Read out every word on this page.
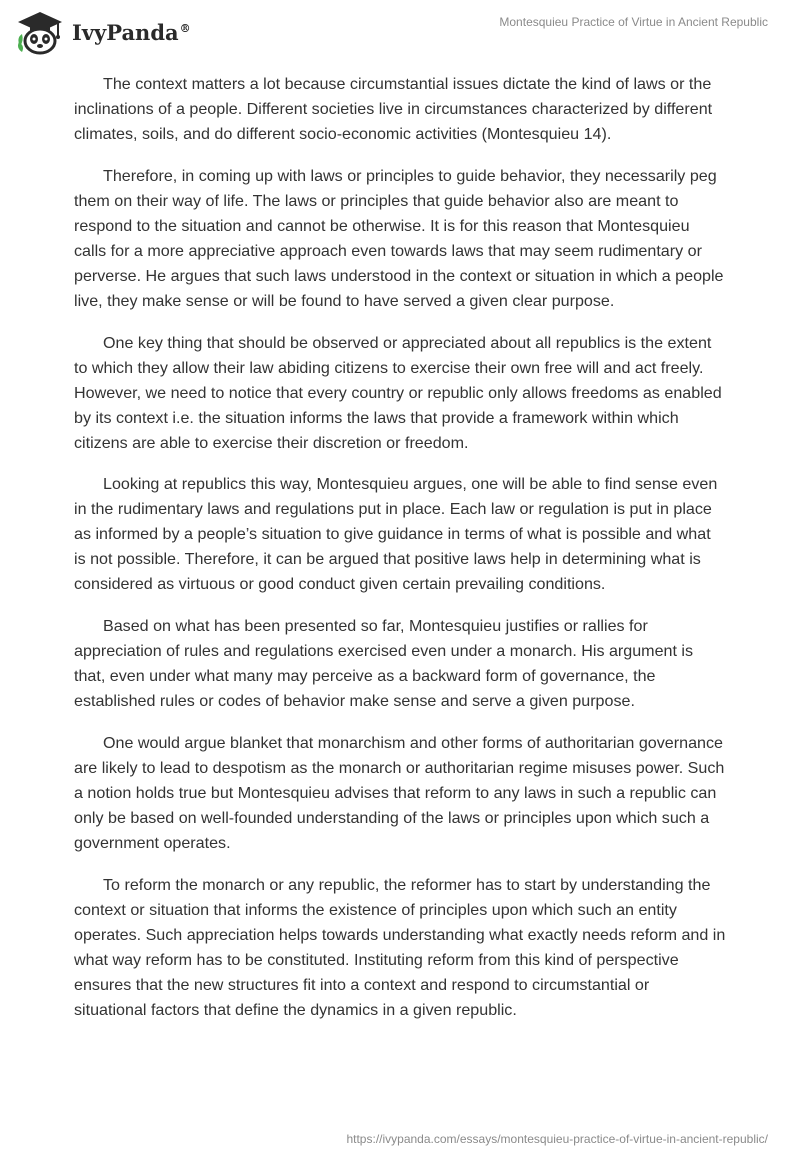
IvyPanda®	Montesquieu Practice of Virtue in Ancient Republic

The context matters a lot because circumstantial issues dictate the kind of laws or the inclinations of a people. Different societies live in circumstances characterized by different climates, soils, and do different socio-economic activities (Montesquieu 14).

Therefore, in coming up with laws or principles to guide behavior, they necessarily peg them on their way of life. The laws or principles that guide behavior also are meant to respond to the situation and cannot be otherwise. It is for this reason that Montesquieu calls for a more appreciative approach even towards laws that may seem rudimentary or perverse. He argues that such laws understood in the context or situation in which a people live, they make sense or will be found to have served a given clear purpose.

One key thing that should be observed or appreciated about all republics is the extent to which they allow their law abiding citizens to exercise their own free will and act freely. However, we need to notice that every country or republic only allows freedoms as enabled by its context i.e. the situation informs the laws that provide a framework within which citizens are able to exercise their discretion or freedom.

Looking at republics this way, Montesquieu argues, one will be able to find sense even in the rudimentary laws and regulations put in place. Each law or regulation is put in place as informed by a people’s situation to give guidance in terms of what is possible and what is not possible. Therefore, it can be argued that positive laws help in determining what is considered as virtuous or good conduct given certain prevailing conditions.

Based on what has been presented so far, Montesquieu justifies or rallies for appreciation of rules and regulations exercised even under a monarch. His argument is that, even under what many may perceive as a backward form of governance, the established rules or codes of behavior make sense and serve a given purpose.

One would argue blanket that monarchism and other forms of authoritarian governance are likely to lead to despotism as the monarch or authoritarian regime misuses power. Such a notion holds true but Montesquieu advises that reform to any laws in such a republic can only be based on well-founded understanding of the laws or principles upon which such a government operates.

To reform the monarch or any republic, the reformer has to start by understanding the context or situation that informs the existence of principles upon which such an entity operates. Such appreciation helps towards understanding what exactly needs reform and in what way reform has to be constituted. Instituting reform from this kind of perspective ensures that the new structures fit into a context and respond to circumstantial or situational factors that define the dynamics in a given republic.

https://ivypanda.com/essays/montesquieu-practice-of-virtue-in-ancient-republic/
